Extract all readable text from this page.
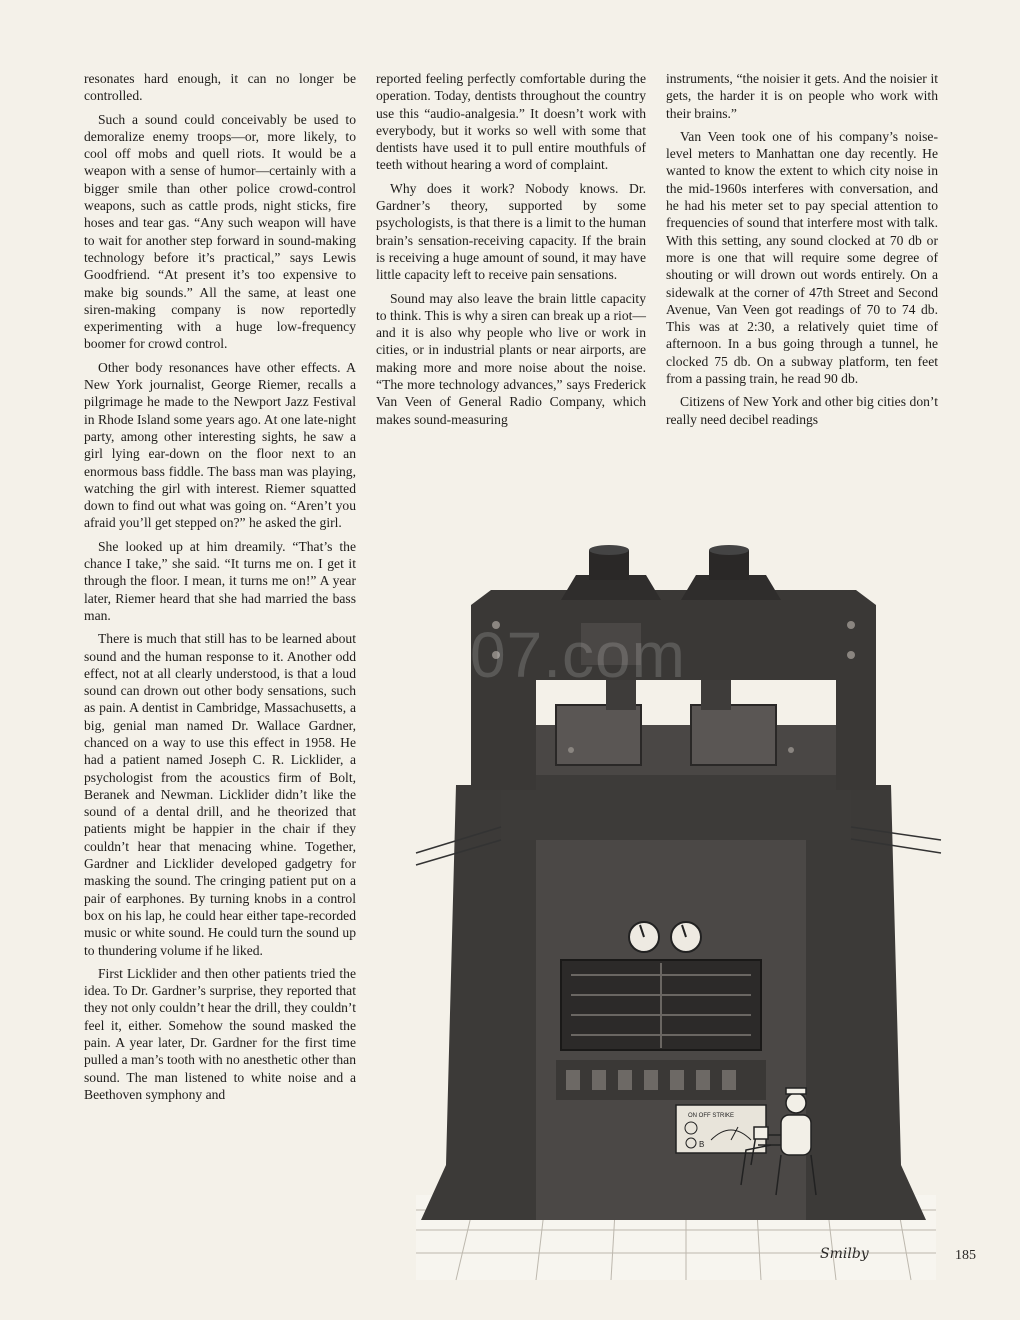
resonates hard enough, it can no longer be controlled.

Such a sound could conceivably be used to demoralize enemy troops—or, more likely, to cool off mobs and quell riots. It would be a weapon with a sense of humor—certainly with a bigger smile than other police crowd-control weapons, such as cattle prods, night sticks, fire hoses and tear gas. “Any such weapon will have to wait for another step forward in sound-making technology before it’s practical,” says Lewis Goodfriend. “At present it’s too expensive to make big sounds.” All the same, at least one siren-making company is now reportedly experimenting with a huge low-frequency boomer for crowd control.

Other body resonances have other effects. A New York journalist, George Riemer, recalls a pilgrimage he made to the Newport Jazz Festival in Rhode Island some years ago. At one late-night party, among other interesting sights, he saw a girl lying ear-down on the floor next to an enormous bass fiddle. The bass man was playing, watching the girl with interest. Riemer squatted down to find out what was going on. “Aren’t you afraid you’ll get stepped on?” he asked the girl.

She looked up at him dreamily. “That’s the chance I take,” she said. “It turns me on. I get it through the floor. I mean, it turns me on!” A year later, Riemer heard that she had married the bass man.

There is much that still has to be learned about sound and the human response to it. Another odd effect, not at all clearly understood, is that a loud sound can drown out other body sensations, such as pain. A dentist in Cambridge, Massachusetts, a big, genial man named Dr. Wallace Gardner, chanced on a way to use this effect in 1958. He had a patient named Joseph C. R. Licklider, a psychologist from the acoustics firm of Bolt, Beranek and Newman. Licklider didn’t like the sound of a dental drill, and he theorized that patients might be happier in the chair if they couldn’t hear that menacing whine. Together, Gardner and Licklider developed gadgetry for masking the sound. The cringing patient put on a pair of earphones. By turning knobs in a control box on his lap, he could hear either tape-recorded music or white sound. He could turn the sound up to thundering volume if he liked.

First Licklider and then other patients tried the idea. To Dr. Gardner’s surprise, they reported that they not only couldn’t hear the drill, they couldn’t feel it, either. Somehow the sound masked the pain. A year later, Dr. Gardner for the first time pulled a man’s tooth with no anesthetic other than sound. The man listened to white noise and a Beethoven symphony and

reported feeling perfectly comfortable during the operation. Today, dentists throughout the country use this “audio-analgesia.” It doesn’t work with everybody, but it works so well with some that dentists have used it to pull entire mouthfuls of teeth without hearing a word of complaint.

Why does it work? Nobody knows. Dr. Gardner’s theory, supported by some psychologists, is that there is a limit to the human brain’s sensation-receiving capacity. If the brain is receiving a huge amount of sound, it may have little capacity left to receive pain sensations.

Sound may also leave the brain little capacity to think. This is why a siren can break up a riot—and it is also why people who live or work in cities, or in industrial plants or near airports, are making more and more noise about the noise. “The more technology advances,” says Frederick Van Veen of General Radio Company, which makes sound-measuring

instruments, “the noisier it gets. And the noisier it gets, the harder it is on people who work with their brains.”

Van Veen took one of his company’s noise-level meters to Manhattan one day recently. He wanted to know the extent to which city noise in the mid-1960s interferes with conversation, and he had his meter set to pay special attention to frequencies of sound that interfere most with talk. With this setting, any sound clocked at 70 db or more is one that will require some degree of shouting or will drown out words entirely. On a sidewalk at the corner of 47th Street and Second Avenue, Van Veen got readings of 70 to 74 db. This was at 2:30, a relatively quiet time of afternoon. In a bus going through a tunnel, he clocked 75 db. On a subway platform, ten feet from a passing train, he read 90 db.

Citizens of New York and other big cities don’t really need decibel readings

ON OFF STRIKE
B
07.com
Smilby	185
